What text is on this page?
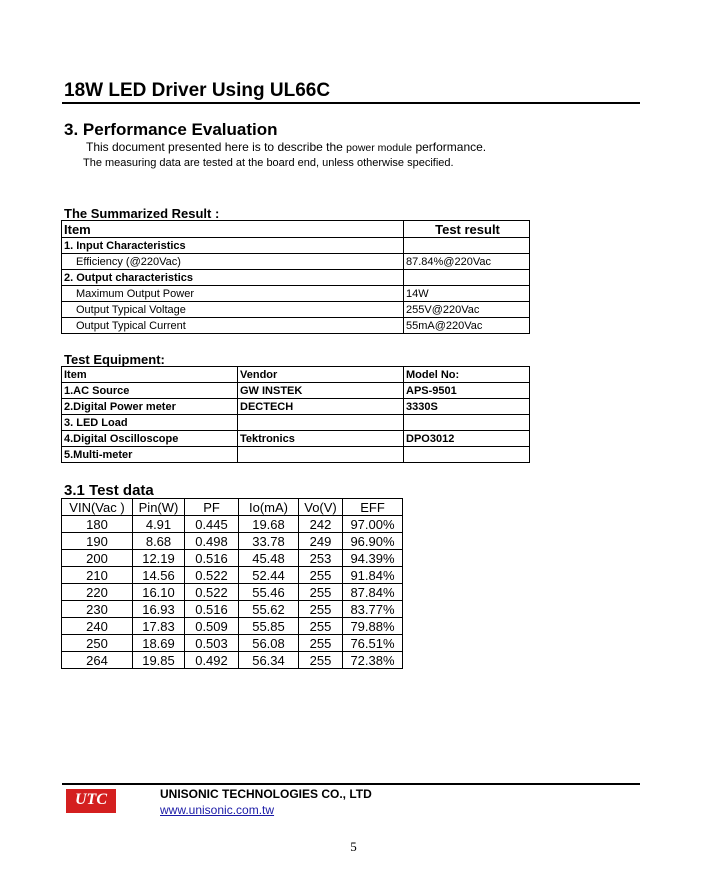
18W LED Driver Using UL66C
3. Performance Evaluation
This document presented here is to describe the power module performance.
The measuring data are tested at the board end, unless otherwise specified.
The Summarized Result :
Item	Test result
1. Input Characteristics	
Efficiency (@220Vac)	87.84%@220Vac
2. Output characteristics	
Maximum Output Power	14W
Output Typical Voltage	255V@220Vac
Output Typical Current	55mA@220Vac
Test Equipment:
Item	Vendor	Model No:
1.AC Source	GW INSTEK	APS-9501
2.Digital Power meter	DECTECH	3330S
3. LED Load		
4.Digital Oscilloscope	Tektronics	DPO3012
5.Multi-meter		
3.1 Test data
VIN(Vac )	Pin(W)	PF	Io(mA)	Vo(V)	EFF
180	4.91	0.445	19.68	242	97.00%
190	8.68	0.498	33.78	249	96.90%
200	12.19	0.516	45.48	253	94.39%
210	14.56	0.522	52.44	255	91.84%
220	16.10	0.522	55.46	255	87.84%
230	16.93	0.516	55.62	255	83.77%
240	17.83	0.509	55.85	255	79.88%
250	18.69	0.503	56.08	255	76.51%
264	19.85	0.492	56.34	255	72.38%
UTC	UNISONIC TECHNOLOGIES CO., LTD
www.unisonic.com.tw
5
